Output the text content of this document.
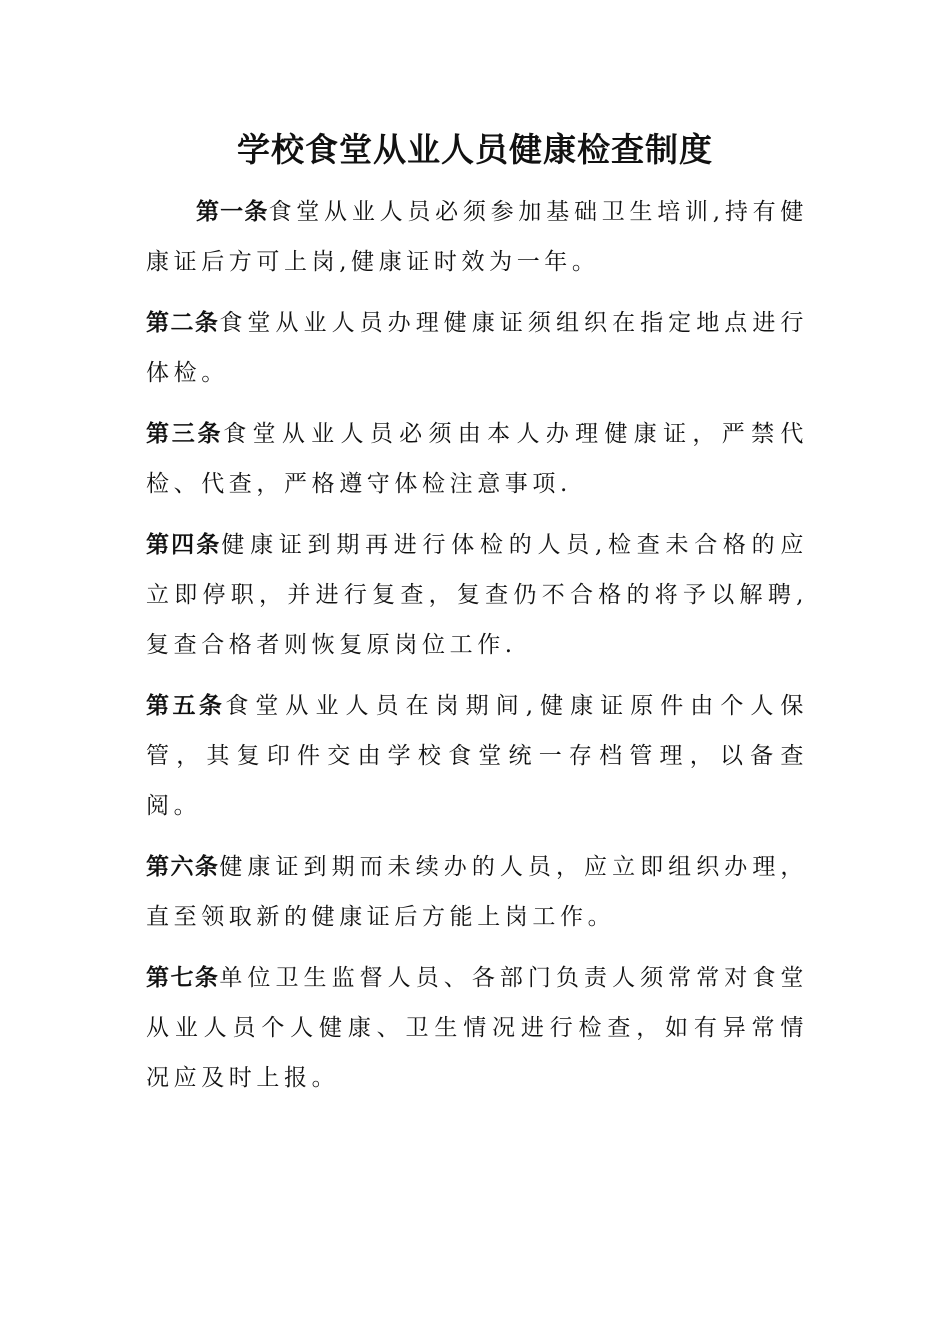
学校食堂从业人员健康检查制度

第一条食堂从业人员必须参加基础卫生培训,持有健康证后方可上岗,健康证时效为一年。

第二条食堂从业人员办理健康证须组织在指定地点进行体检。

第三条食堂从业人员必须由本人办理健康证，严禁代检、代查，严格遵守体检注意事项.

第四条健康证到期再进行体检的人员,检查未合格的应立即停职，并进行复查，复查仍不合格的将予以解聘,复查合格者则恢复原岗位工作.

第五条食堂从业人员在岗期间,健康证原件由个人保管，其复印件交由学校食堂统一存档管理，以备查阅。

第六条健康证到期而未续办的人员，应立即组织办理，直至领取新的健康证后方能上岗工作。

第七条单位卫生监督人员、各部门负责人须常常对食堂从业人员个人健康、卫生情况进行检查，如有异常情况应及时上报。
